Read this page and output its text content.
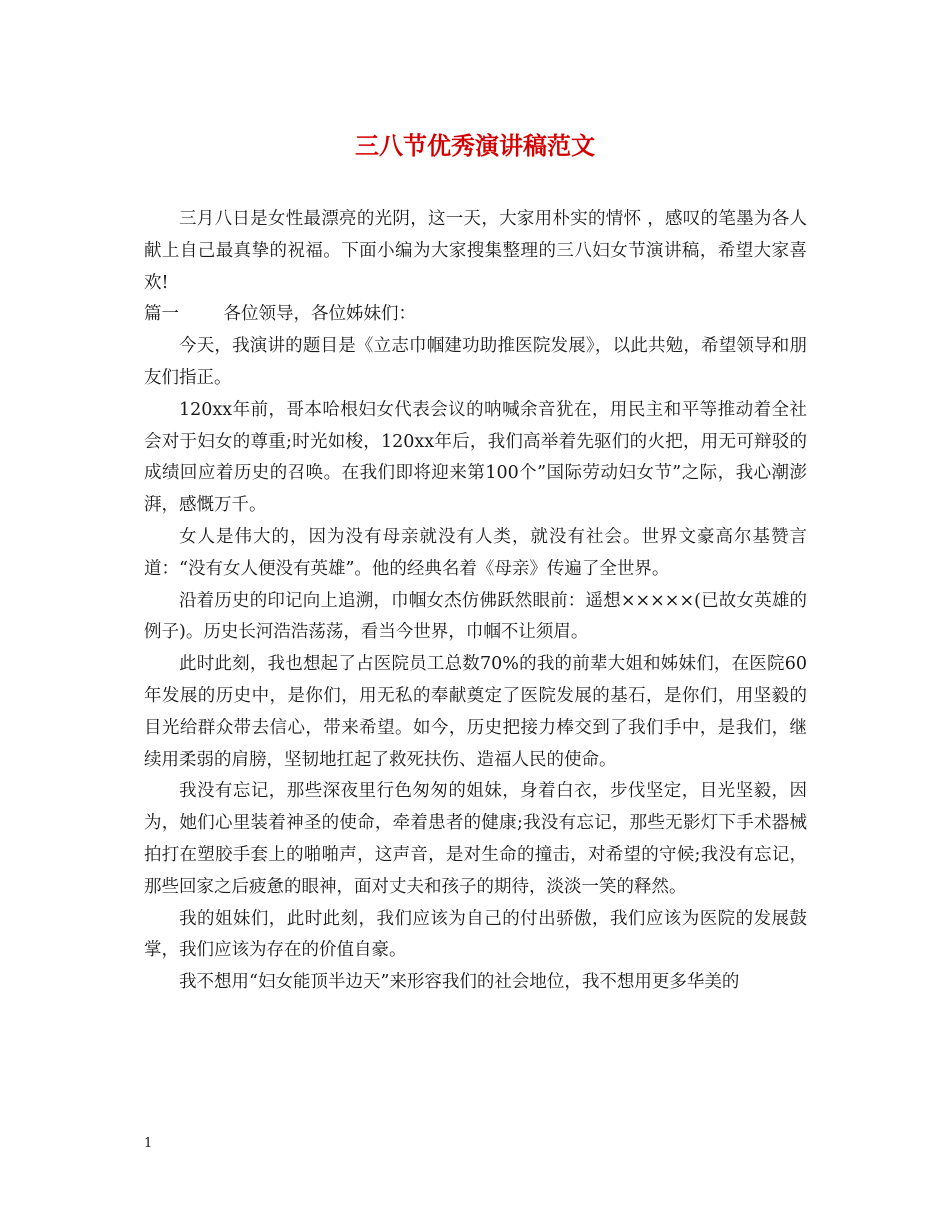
三八节优秀演讲稿范文

三月八日是女性最漂亮的光阴，这一天，大家用朴实的情怀 ，感叹的笔墨为各人献上自己最真挚的祝福。下面小编为大家搜集整理的三八妇女节演讲稿，希望大家喜欢!

篇一	各位领导，各位姊妹们：

今天，我演讲的题目是《立志巾帼建功助推医院发展》，以此共勉，希望领导和朋友们指正。

120xx年前，哥本哈根妇女代表会议的呐喊余音犹在，用民主和平等推动着全社会对于妇女的尊重;时光如梭，120xx年后，我们高举着先驱们的火把，用无可辩驳的成绩回应着历史的召唤。在我们即将迎来第100个”国际劳动妇女节”之际，我心潮澎湃，感慨万千。

女人是伟大的，因为没有母亲就没有人类，就没有社会。世界文豪高尔基赞言道：“没有女人便没有英雄”。他的经典名着《母亲》传遍了全世界。

沿着历史的印记向上追溯，巾帼女杰仿佛跃然眼前：遥想×××××(已故女英雄的例子)。历史长河浩浩荡荡，看当今世界，巾帼不让须眉。

此时此刻，我也想起了占医院员工总数70%的我的前辈大姐和姊妹们，在医院60年发展的历史中，是你们，用无私的奉献奠定了医院发展的基石，是你们，用坚毅的目光给群众带去信心，带来希望。如今，历史把接力棒交到了我们手中，是我们，继续用柔弱的肩膀，坚韧地扛起了救死扶伤、造福人民的使命。

我没有忘记，那些深夜里行色匆匆的姐妹，身着白衣，步伐坚定，目光坚毅，因为，她们心里装着神圣的使命，牵着患者的健康;我没有忘记，那些无影灯下手术器械拍打在塑胶手套上的啪啪声，这声音，是对生命的撞击，对希望的守候;我没有忘记，那些回家之后疲惫的眼神，面对丈夫和孩子的期待，淡淡一笑的释然。

我的姐妹们，此时此刻，我们应该为自己的付出骄傲，我们应该为医院的发展鼓掌，我们应该为存在的价值自豪。

我不想用“妇女能顶半边天”来形容我们的社会地位，我不想用更多华美的

1
